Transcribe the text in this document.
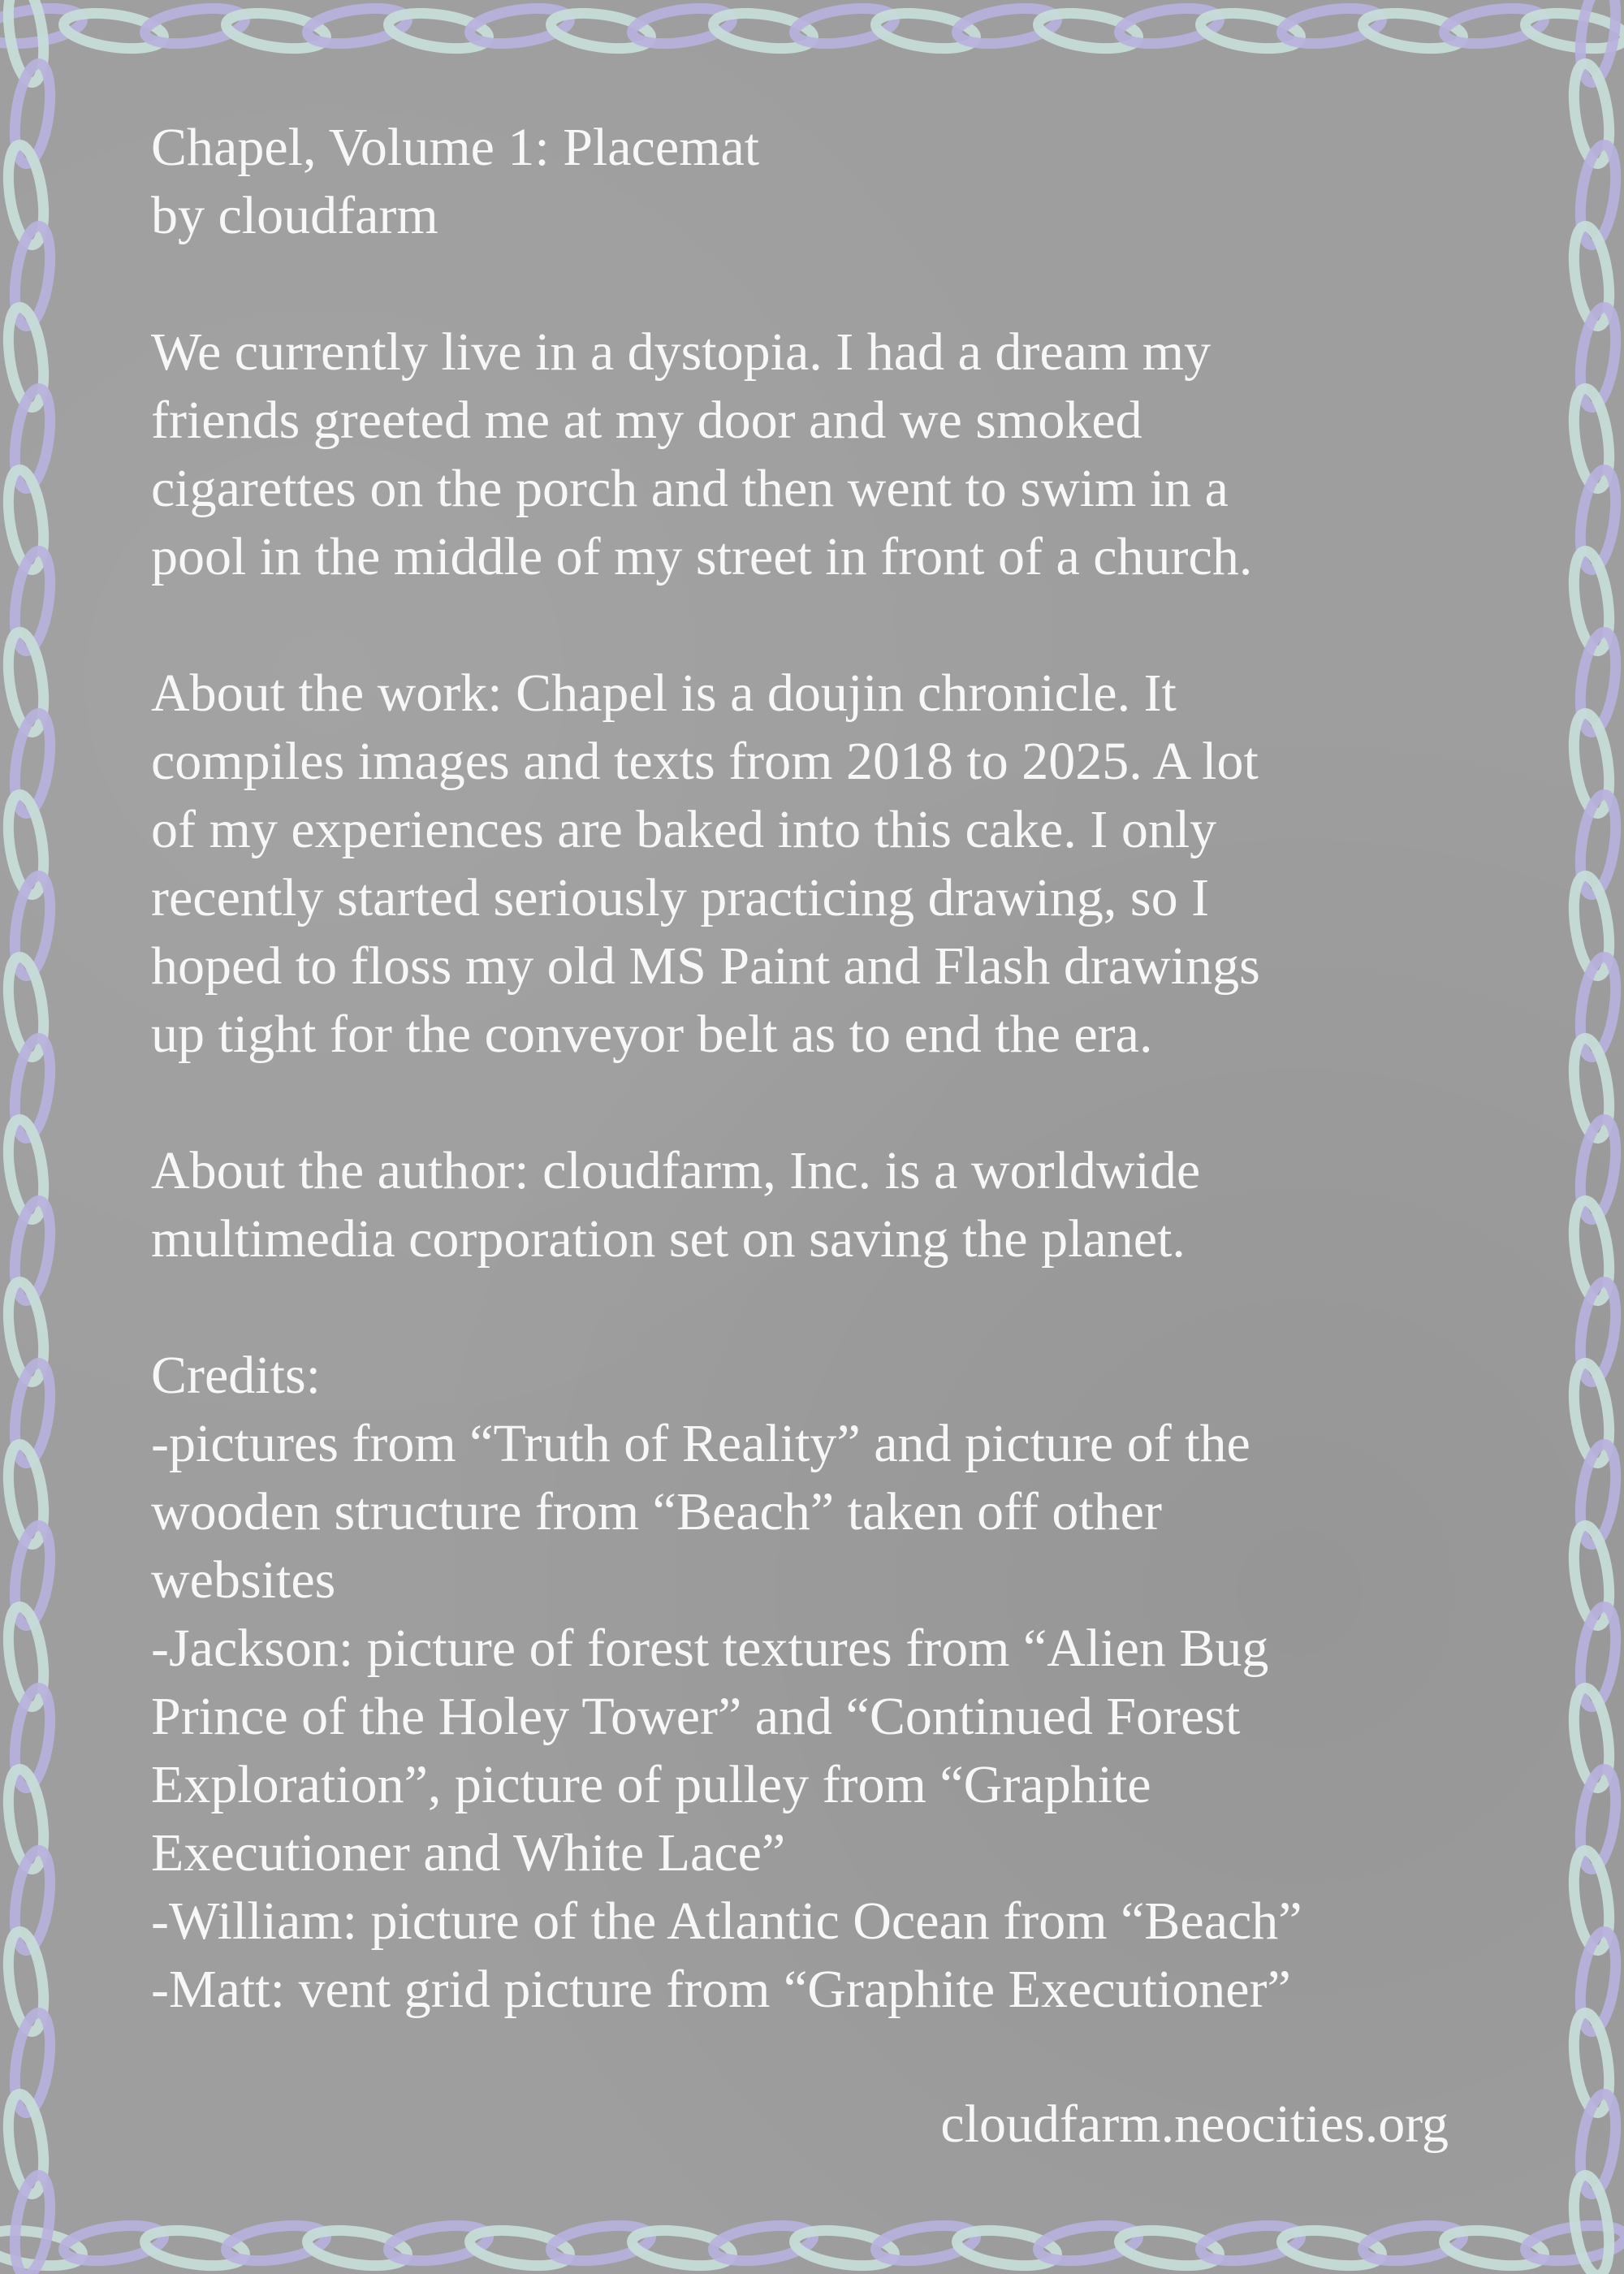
Chapel, Volume 1: Placemat
by cloudfarm
We currently live in a dystopia. I had a dream my
friends greeted me at my door and we smoked
cigarettes on the porch and then went to swim in a
pool in the middle of my street in front of a church.
About the work: Chapel is a doujin chronicle. It
compiles images and texts from 2018 to 2025. A lot
of my experiences are baked into this cake. I only
recently started seriously practicing drawing, so I
hoped to floss my old MS Paint and Flash drawings
up tight for the conveyor belt as to end the era.
About the author: cloudfarm, Inc. is a worldwide
multimedia corporation set on saving the planet.
Credits:
-pictures from “Truth of Reality” and picture of the
wooden structure from “Beach” taken off other
websites
-Jackson: picture of forest textures from “Alien Bug
Prince of the Holey Tower” and “Continued Forest
Exploration”, picture of pulley from “Graphite
Executioner and White Lace”
-William: picture of the Atlantic Ocean from “Beach”
-Matt: vent grid picture from “Graphite Executioner”
cloudfarm.neocities.org
